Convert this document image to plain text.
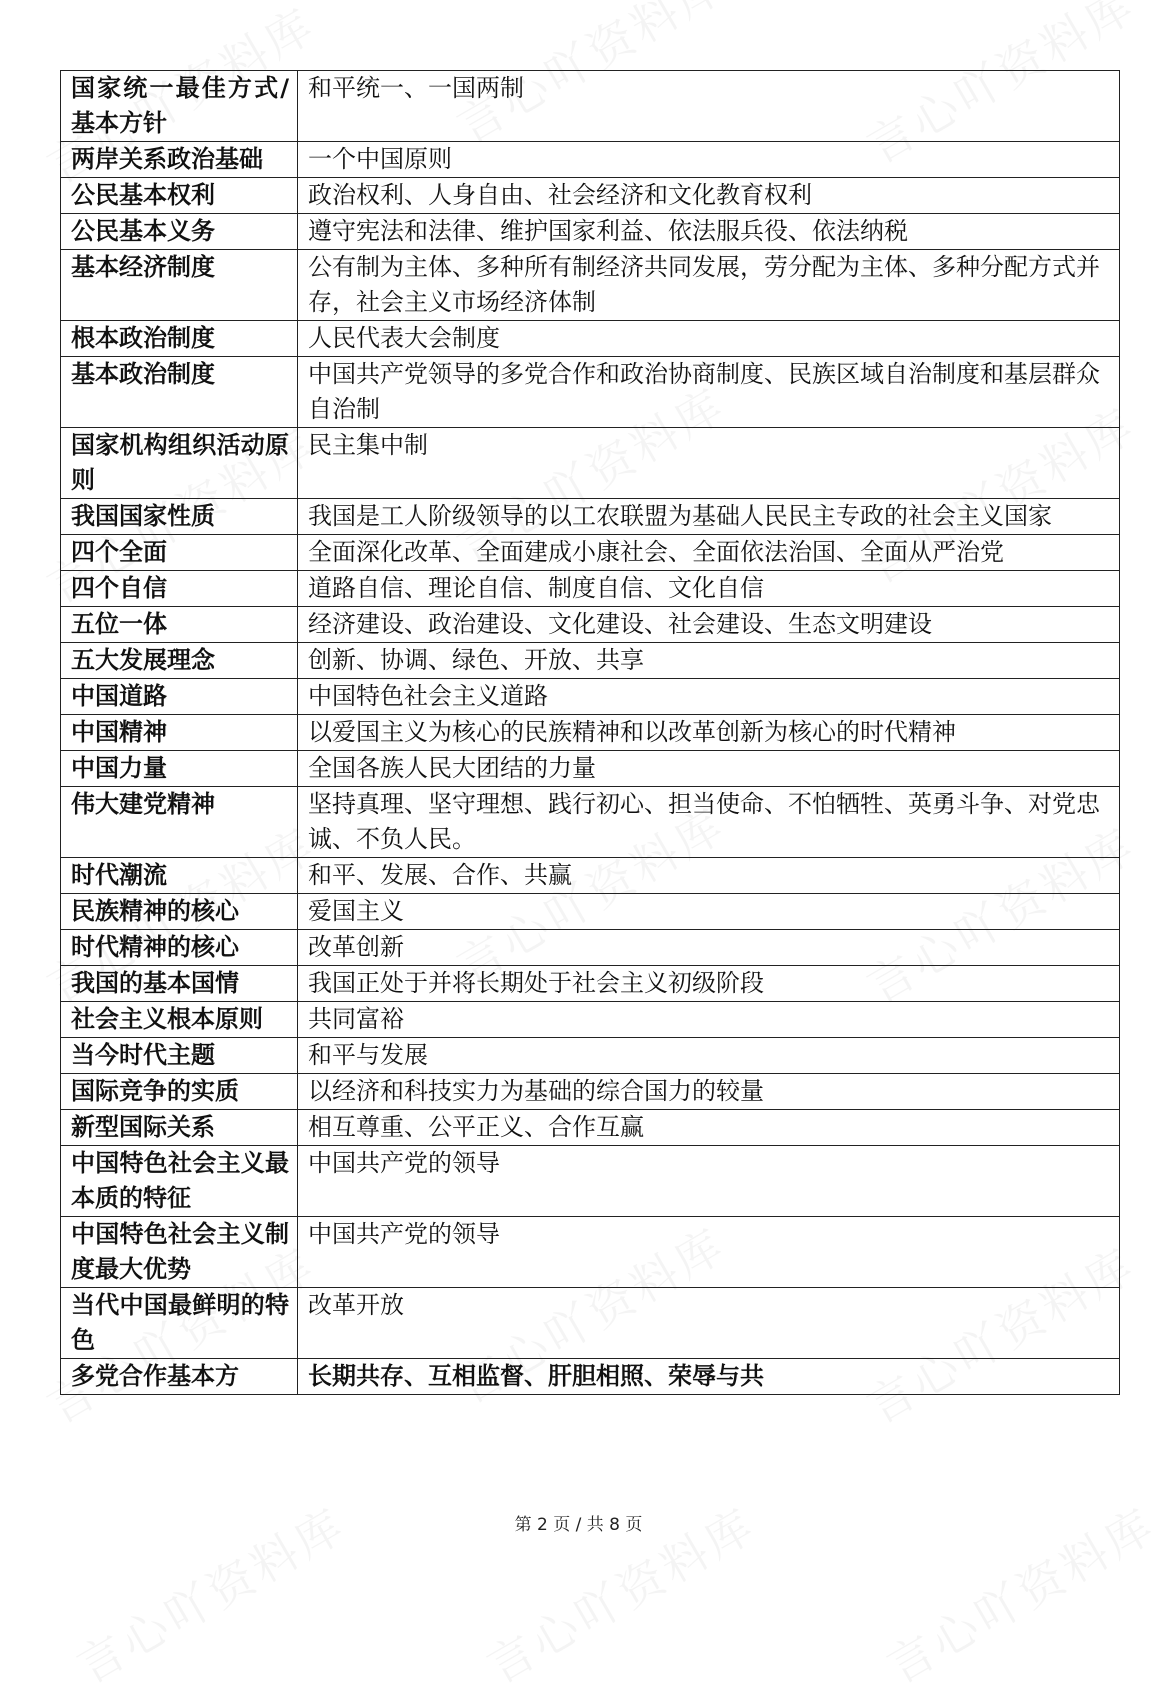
国家统一最佳方式/基本方针	和平统一、一国两制
两岸关系政治基础	一个中国原则
公民基本权利	政治权利、人身自由、社会经济和文化教育权利
公民基本义务	遵守宪法和法律、维护国家利益、依法服兵役、依法纳税
基本经济制度	公有制为主体、多种所有制经济共同发展，劳分配为主体、多种分配方式并存，社会主义市场经济体制
根本政治制度	人民代表大会制度
基本政治制度	中国共产党领导的多党合作和政治协商制度、民族区域自治制度和基层群众自治制
国家机构组织活动原则	民主集中制
我国国家性质	我国是工人阶级领导的以工农联盟为基础人民民主专政的社会主义国家
四个全面	全面深化改革、全面建成小康社会、全面依法治国、全面从严治党
四个自信	道路自信、理论自信、制度自信、文化自信
五位一体	经济建设、政治建设、文化建设、社会建设、生态文明建设
五大发展理念	创新、协调、绿色、开放、共享
中国道路	中国特色社会主义道路
中国精神	以爱国主义为核心的民族精神和以改革创新为核心的时代精神
中国力量	全国各族人民大团结的力量
伟大建党精神	坚持真理、坚守理想、践行初心、担当使命、不怕牺牲、英勇斗争、对党忠诚、不负人民。
时代潮流	和平、发展、合作、共赢
民族精神的核心	爱国主义
时代精神的核心	改革创新
我国的基本国情	我国正处于并将长期处于社会主义初级阶段
社会主义根本原则	共同富裕
当今时代主题	和平与发展
国际竞争的实质	以经济和科技实力为基础的综合国力的较量
新型国际关系	相互尊重、公平正义、合作互赢
中国特色社会主义最本质的特征	中国共产党的领导
中国特色社会主义制度最大优势	中国共产党的领导
当代中国最鲜明的特色	改革开放
多党合作基本方	长期共存、互相监督、肝胆相照、荣辱与共
第 2 页 / 共 8 页
